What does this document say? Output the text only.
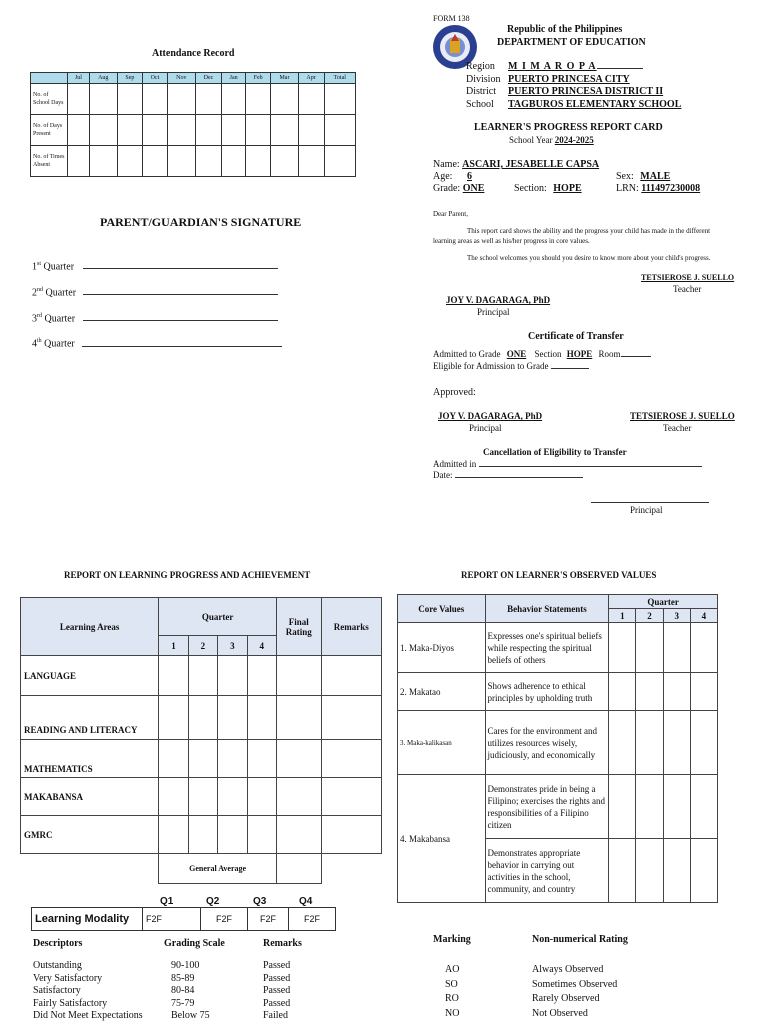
Attendance Record
	Jul	Aug	Sep	Oct	Nov	Dec	Jan	Feb	Mar	Apr	Total
No. of School Days											
No. of Days Present											
No. of Times Absent											
PARENT/GUARDIAN'S SIGNATURE
1st Quarter
2nd Quarter
3rd Quarter
4th Quarter
FORM 138
Republic of the Philippines
DEPARTMENT OF EDUCATION
Region M I M A R O P A
Division PUERTO PRINCESA CITY
District PUERTO PRINCESA DISTRICT II
School TAGBUROS ELEMENTARY SCHOOL
LEARNER'S PROGRESS REPORT CARD
School Year 2024-2025
Name: ASCARI, JESABELLE CAPSA
Age: 6	Sex: MALE
Grade: ONE	Section: HOPE	LRN: 111497230008
Dear Parent,
This report card shows the ability and the progress your child has made in the different learning areas as well as his/her progress in core values.
The school welcomes you should you desire to know more about your child's progress.
TETSIEROSE J. SUELLO
Teacher
JOY V. DAGARAGA, PhD
Principal
Certificate of Transfer
Admitted to Grade ONE Section HOPE Room
Eligible for Admission to Grade
Approved:
JOY V. DAGARAGA, PhD
Principal
TETSIEROSE J. SUELLO
Teacher
Cancellation of Eligibility to Transfer
Admitted in
Date:
Principal
REPORT ON LEARNING PROGRESS AND ACHIEVEMENT
Learning Areas	Quarter				Final Rating	Remarks
	1	2	3	4		
LANGUAGE						
READING AND LITERACY						
MATHEMATICS						
MAKABANSA						
GMRC						
	General Average					
Q1	Q2	Q3	Q4
Learning Modality	F2F	F2F	F2F	F2F
Descriptors	Grading Scale	Remarks
Outstanding	90-100	Passed
Very Satisfactory	85-89	Passed
Satisfactory	80-84	Passed
Fairly Satisfactory	75-79	Passed
Did Not Meet Expectations	Below 75	Failed
REPORT ON LEARNER'S OBSERVED VALUES
Core Values	Behavior Statements	Quarter			
		1	2	3	4
1. Maka-Diyos	Expresses one's spiritual beliefs while respecting the spiritual beliefs of others				
2. Makatao	Shows adherence to ethical principles by upholding truth				
3. Maka-kalikasan	Cares for the environment and utilizes resources wisely, judiciously, and economically				
4. Makabansa	Demonstrates pride in being a Filipino; exercises the rights and responsibilities of a Filipino citizen				
	Demonstrates appropriate behavior in carrying out activities in the school, community, and country				
Marking	Non-numerical Rating
AO	Always Observed
SO	Sometimes Observed
RO	Rarely Observed
NO	Not Observed
